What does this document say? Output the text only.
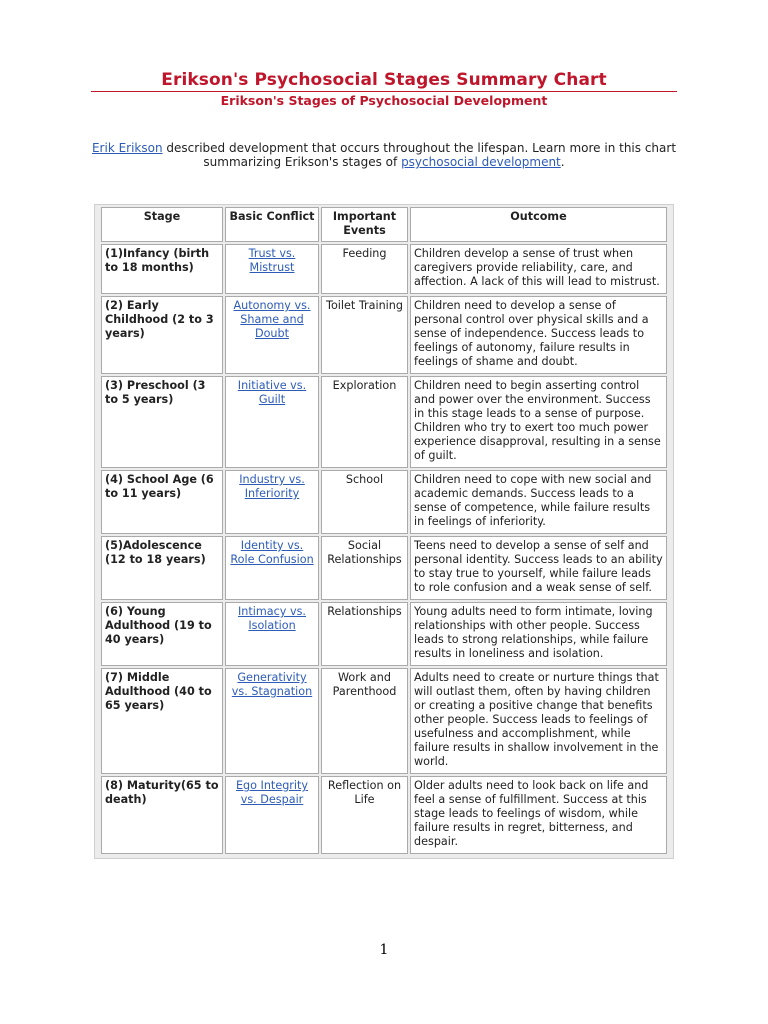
Erikson's Psychosocial Stages Summary Chart
Erikson's Stages of Psychosocial Development
Erik Erikson described development that occurs throughout the lifespan. Learn more in this chart summarizing Erikson's stages of psychosocial development.
Stage	Basic Conflict	Important Events	Outcome
(1)Infancy (birth to 18 months)	Trust vs. Mistrust	Feeding	Children develop a sense of trust when caregivers provide reliability, care, and affection. A lack of this will lead to mistrust.
(2) Early Childhood (2 to 3 years)	Autonomy vs. Shame and Doubt	Toilet Training	Children need to develop a sense of personal control over physical skills and a sense of independence. Success leads to feelings of autonomy, failure results in feelings of shame and doubt.
(3) Preschool (3 to 5 years)	Initiative vs. Guilt	Exploration	Children need to begin asserting control and power over the environment. Success in this stage leads to a sense of purpose. Children who try to exert too much power experience disapproval, resulting in a sense of guilt.
(4) School Age (6 to 11 years)	Industry vs. Inferiority	School	Children need to cope with new social and academic demands. Success leads to a sense of competence, while failure results in feelings of inferiority.
(5)Adolescence (12 to 18 years)	Identity vs. Role Confusion	Social Relationships	Teens need to develop a sense of self and personal identity. Success leads to an ability to stay true to yourself, while failure leads to role confusion and a weak sense of self.
(6) Young Adulthood (19 to 40 years)	Intimacy vs. Isolation	Relationships	Young adults need to form intimate, loving relationships with other people. Success leads to strong relationships, while failure results in loneliness and isolation.
(7) Middle Adulthood (40 to 65 years)	Generativity vs. Stagnation	Work and Parenthood	Adults need to create or nurture things that will outlast them, often by having children or creating a positive change that benefits other people. Success leads to feelings of usefulness and accomplishment, while failure results in shallow involvement in the world.
(8) Maturity(65 to death)	Ego Integrity vs. Despair	Reflection on Life	Older adults need to look back on life and feel a sense of fulfillment. Success at this stage leads to feelings of wisdom, while failure results in regret, bitterness, and despair.
1
